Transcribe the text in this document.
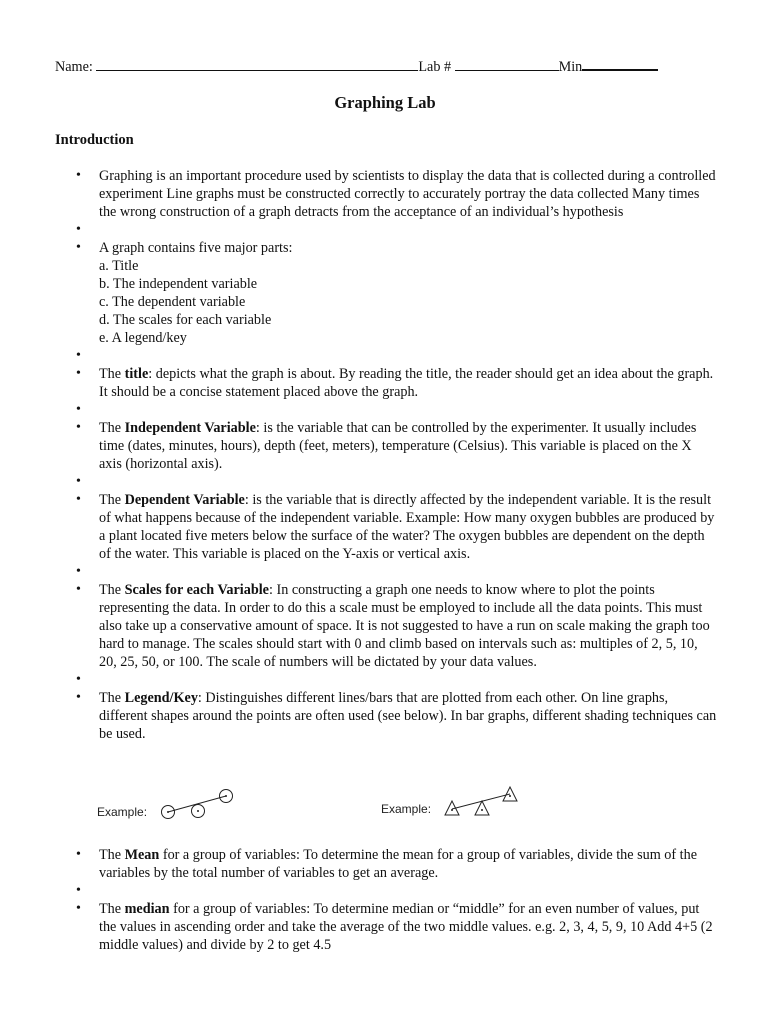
Name:	Lab #	Min
Graphing Lab
Introduction
• Graphing is an important procedure used by scientists to display the data that is collected during a controlled experiment Line graphs must be constructed correctly to accurately portray the data collected Many times the wrong construction of a graph detracts from the acceptance of an individual’s hypothesis
•
• A graph contains five major parts:
a. Title
b. The independent variable
c. The dependent variable
d. The scales for each variable
e. A legend/key
•
• The title: depicts what the graph is about. By reading the title, the reader should get an idea about the graph. It should be a concise statement placed above the graph.
•
• The Independent Variable: is the variable that can be controlled by the experimenter. It usually includes time (dates, minutes, hours), depth (feet, meters), temperature (Celsius). This variable is placed on the X axis (horizontal axis).
•
• The Dependent Variable: is the variable that is directly affected by the independent variable. It is the result of what happens because of the independent variable. Example: How many oxygen bubbles are produced by a plant located five meters below the surface of the water? The oxygen bubbles are dependent on the depth of the water. This variable is placed on the Y-axis or vertical axis.
•
• The Scales for each Variable: In constructing a graph one needs to know where to plot the points representing the data. In order to do this a scale must be employed to include all the data points. This must also take up a conservative amount of space. It is not suggested to have a run on scale making the graph too hard to manage. The scales should start with 0 and climb based on intervals such as: multiples of 2, 5, 10, 20, 25, 50, or 100. The scale of numbers will be dictated by your data values.
•
• The Legend/Key: Distinguishes different lines/bars that are plotted from each other. On line graphs, different shapes around the points are often used (see below). In bar graphs, different shading techniques can be used.
Example:	Example:
• The Mean for a group of variables: To determine the mean for a group of variables, divide the sum of the variables by the total number of variables to get an average.
•
• The median for a group of variables: To determine median or “middle” for an even number of values, put the values in ascending order and take the average of the two middle values. e.g. 2, 3, 4, 5, 9, 10 Add 4+5 (2 middle values) and divide by 2 to get 4.5
